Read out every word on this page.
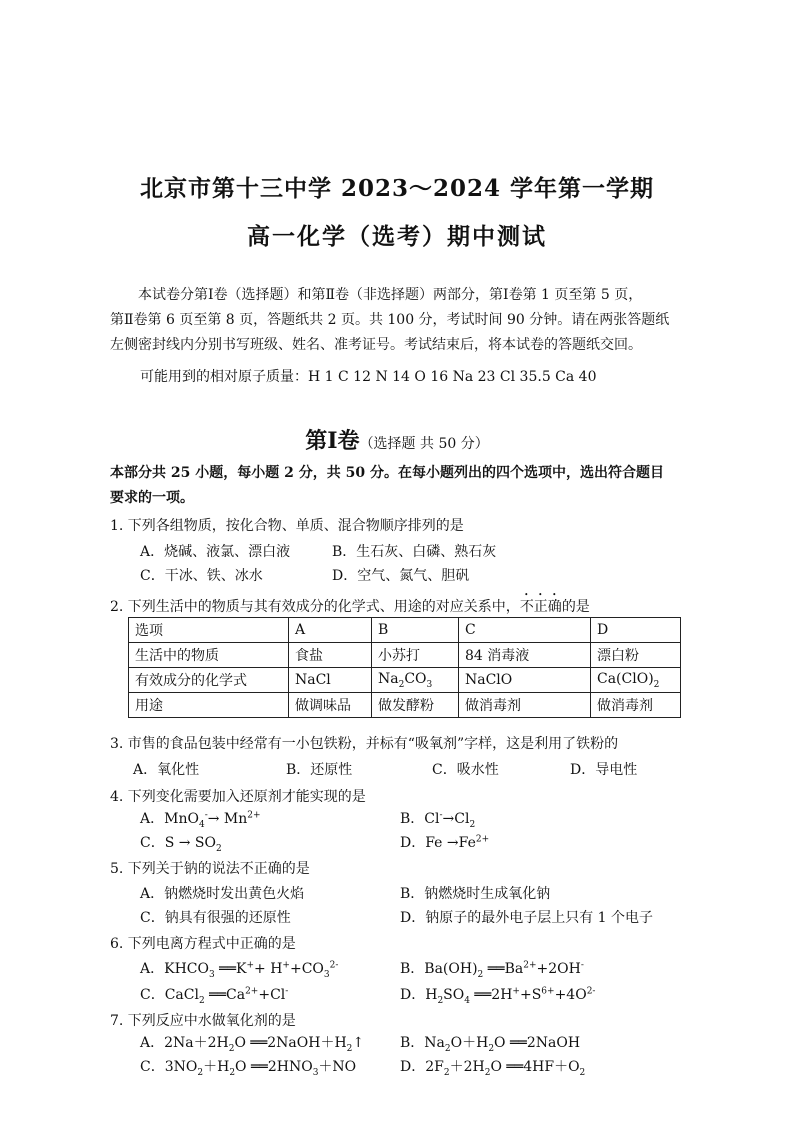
北京市第十三中学 2023～2024 学年第一学期
高一化学（选考）期中测试

本试卷分第Ⅰ卷（选择题）和第Ⅱ卷（非选择题）两部分，第Ⅰ卷第 1 页至第 5 页，

第Ⅱ卷第 6 页至第 8 页，答题纸共 2 页。共 100 分，考试时间 90 分钟。请在两张答题纸

左侧密封线内分别书写班级、姓名、准考证号。考试结束后，将本试卷的答题纸交回。

可能用到的相对原子质量：H 1 C 12 N 14 O 16 Na 23 Cl 35.5 Ca 40
第Ⅰ卷（选择题 共 50 分）
本部分共 25 小题，每小题 2 分，共 50 分。在每小题列出的四个选项中，选出符合题目
要求的一项。
1. 下列各组物质，按化合物、单质、混合物顺序排列的是
A．烧碱、液氯、漂白液	B．生石灰、白磷、熟石灰
C．干冰、铁、冰水	D．空气、氮气、胆矾
2. 下列生活中的物质与其有效成分的化学式、用途的对应关系中，不正确的是
选项	A	B	C	D
生活中的物质	食盐	小苏打	84 消毒液	漂白粉
有效成分的化学式	NaCl	$Na_2CO_3$	NaClO	$Ca(ClO)_2$
用途	做调味品	做发酵粉	做消毒剂	做消毒剂
3. 市售的食品包装中经常有一小包铁粉，并标有“吸氧剂”字样，这是利用了铁粉的
A．氧化性	B．还原性	C．吸水性	D．导电性
4. 下列变化需要加入还原剂才能实现的是
A．$MnO_4^-\to Mn^{2+}$	B．$Cl^-\to Cl_2$
C．$S \to SO_2$	D．$Fe \to Fe^{2+}$
5. 下列关于钠的说法不正确的是
A．钠燃烧时发出黄色火焰	B．钠燃烧时生成氧化钠
C．钠具有很强的还原性	D．钠原子的最外电子层上只有 1 个电子
6. 下列电离方程式中正确的是
A．$KHCO_3$ ══K++ $H^++CO_3^{2-}$	B．$Ba(OH)_2$ $══Ba^{2+}+2OH^-$
C．CaCl$_2$ $══Ca^{2+}+Cl^-$	D．$H_2SO_4$ $══2H^++S^{6+}+4O^{2-}$
7. 下列反应中水做氧化剂的是
A．$2Na+2H_2O$ $══2NaOH+H_2↑$	B．$Na_2O+H_2O$ ══2NaOH
C．$3NO_2+H_2O$ $══2HNO_3+NO$	D．$2F_2+2H_2O$ $══4HF+O_2$
